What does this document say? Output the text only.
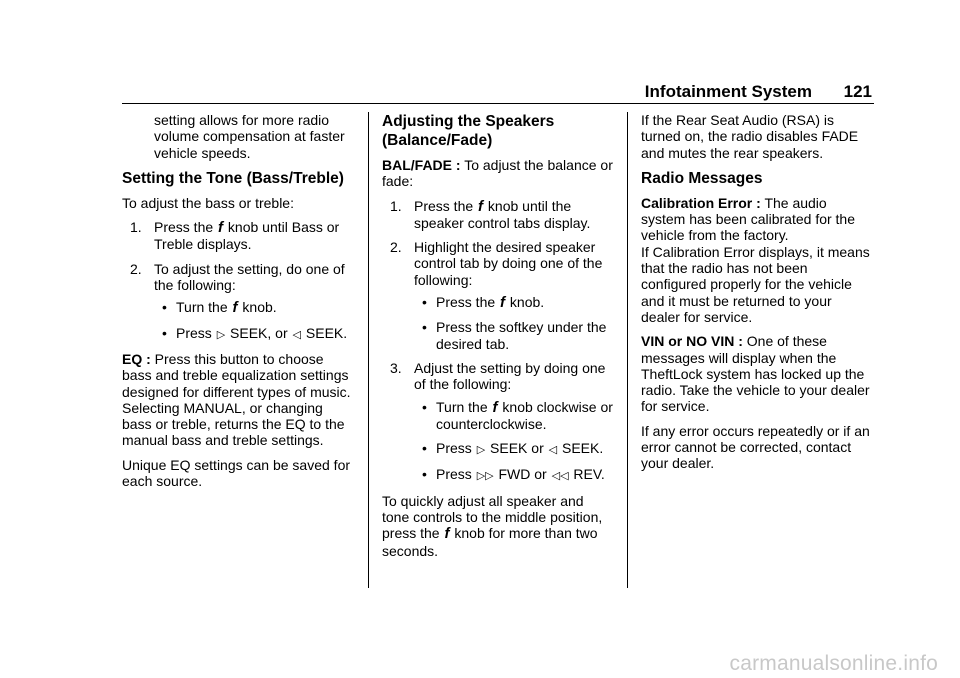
Infotainment System 121

setting allows for more radio volume compensation at faster vehicle speeds.

Setting the Tone (Bass/Treble)

To adjust the bass or treble:

1. Press the f knob until Bass or Treble displays.
2. To adjust the setting, do one of the following:
• Turn the f knob.
• Press ▷ SEEK, or ◁ SEEK.

EQ : Press this button to choose bass and treble equalization settings designed for different types of music. Selecting MANUAL, or changing bass or treble, returns the EQ to the manual bass and treble settings.

Unique EQ settings can be saved for each source.

Adjusting the Speakers (Balance/Fade)

BAL/FADE : To adjust the balance or fade:

1. Press the f knob until the speaker control tabs display.
2. Highlight the desired speaker control tab by doing one of the following:
• Press the f knob.
• Press the softkey under the desired tab.
3. Adjust the setting by doing one of the following:
• Turn the f knob clockwise or counterclockwise.
• Press ▷ SEEK or ◁ SEEK.
• Press ▷▷ FWD or ◁◁ REV.

To quickly adjust all speaker and tone controls to the middle position, press the f knob for more than two seconds.

If the Rear Seat Audio (RSA) is turned on, the radio disables FADE and mutes the rear speakers.

Radio Messages

Calibration Error : The audio system has been calibrated for the vehicle from the factory.

If Calibration Error displays, it means that the radio has not been configured properly for the vehicle and it must be returned to your dealer for service.

VIN or NO VIN : One of these messages will display when the TheftLock system has locked up the radio. Take the vehicle to your dealer for service.

If any error occurs repeatedly or if an error cannot be corrected, contact your dealer.

carmanualsonline.info
